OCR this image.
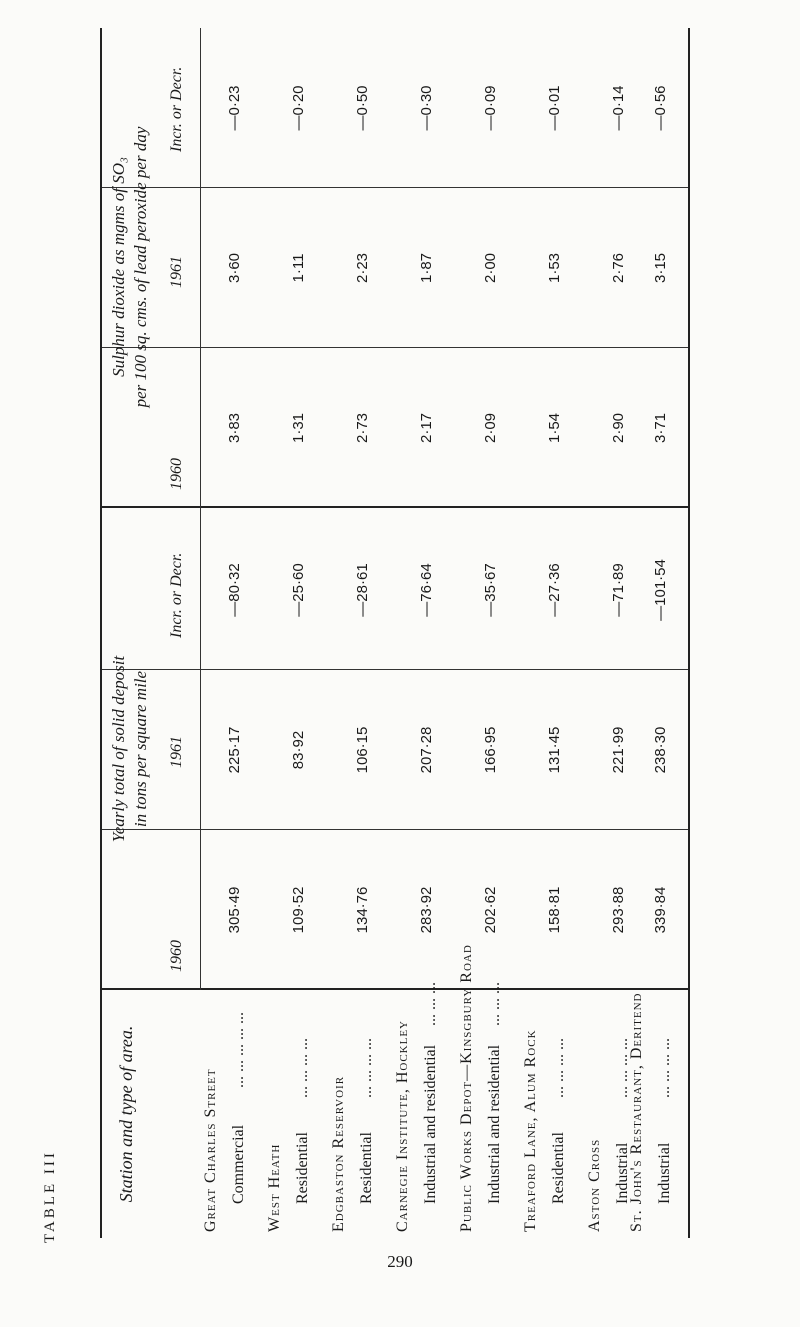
TABLE III	Station and type of area.
Yearly total of solid deposit in tons per square mile
1960
1961
Incr. or Decr.
Sulphur dioxide as mgms of SO₃ per 100 sq. cms. of lead peroxide per day
1960
1961
Incr. or Decr.
Great Charles Street Commercial
... ... ... ... ...
305·49
225·17
—80·32
3·83
3·60
—0·23
West Heath Residential
... ... ... ...
109·52
83·92
—25·60
1·31
1·11
—0·20
Edgbaston Reservoir Residential
... ... ... ...
134·76
106·15
—28·61
2·73
2·23
—0·50
Carnegie Institute, Hockley Industrial and residential
... ... ...
283·92
207·28
—76·64
2·17
1·87
—0·30
Public Works Depot—Kinsgbury Road Industrial and residential
... ... ...
202·62
166·95
—35·67
2·09
2·00
—0·09
Treaford Lane, Alum Rock Residential
... ... ... ...
158·81
131·45
—27·36
1·54
1·53
—0·01
Aston Cross Industrial
... ... ... ...
293·88
221·99
—71·89
2·90
2·76
—0·14
St. John's Restaurant, Deritend Industrial
... ... ... ...
339·84
238·30
—101·54
3·71
3·15
—0·56
290
